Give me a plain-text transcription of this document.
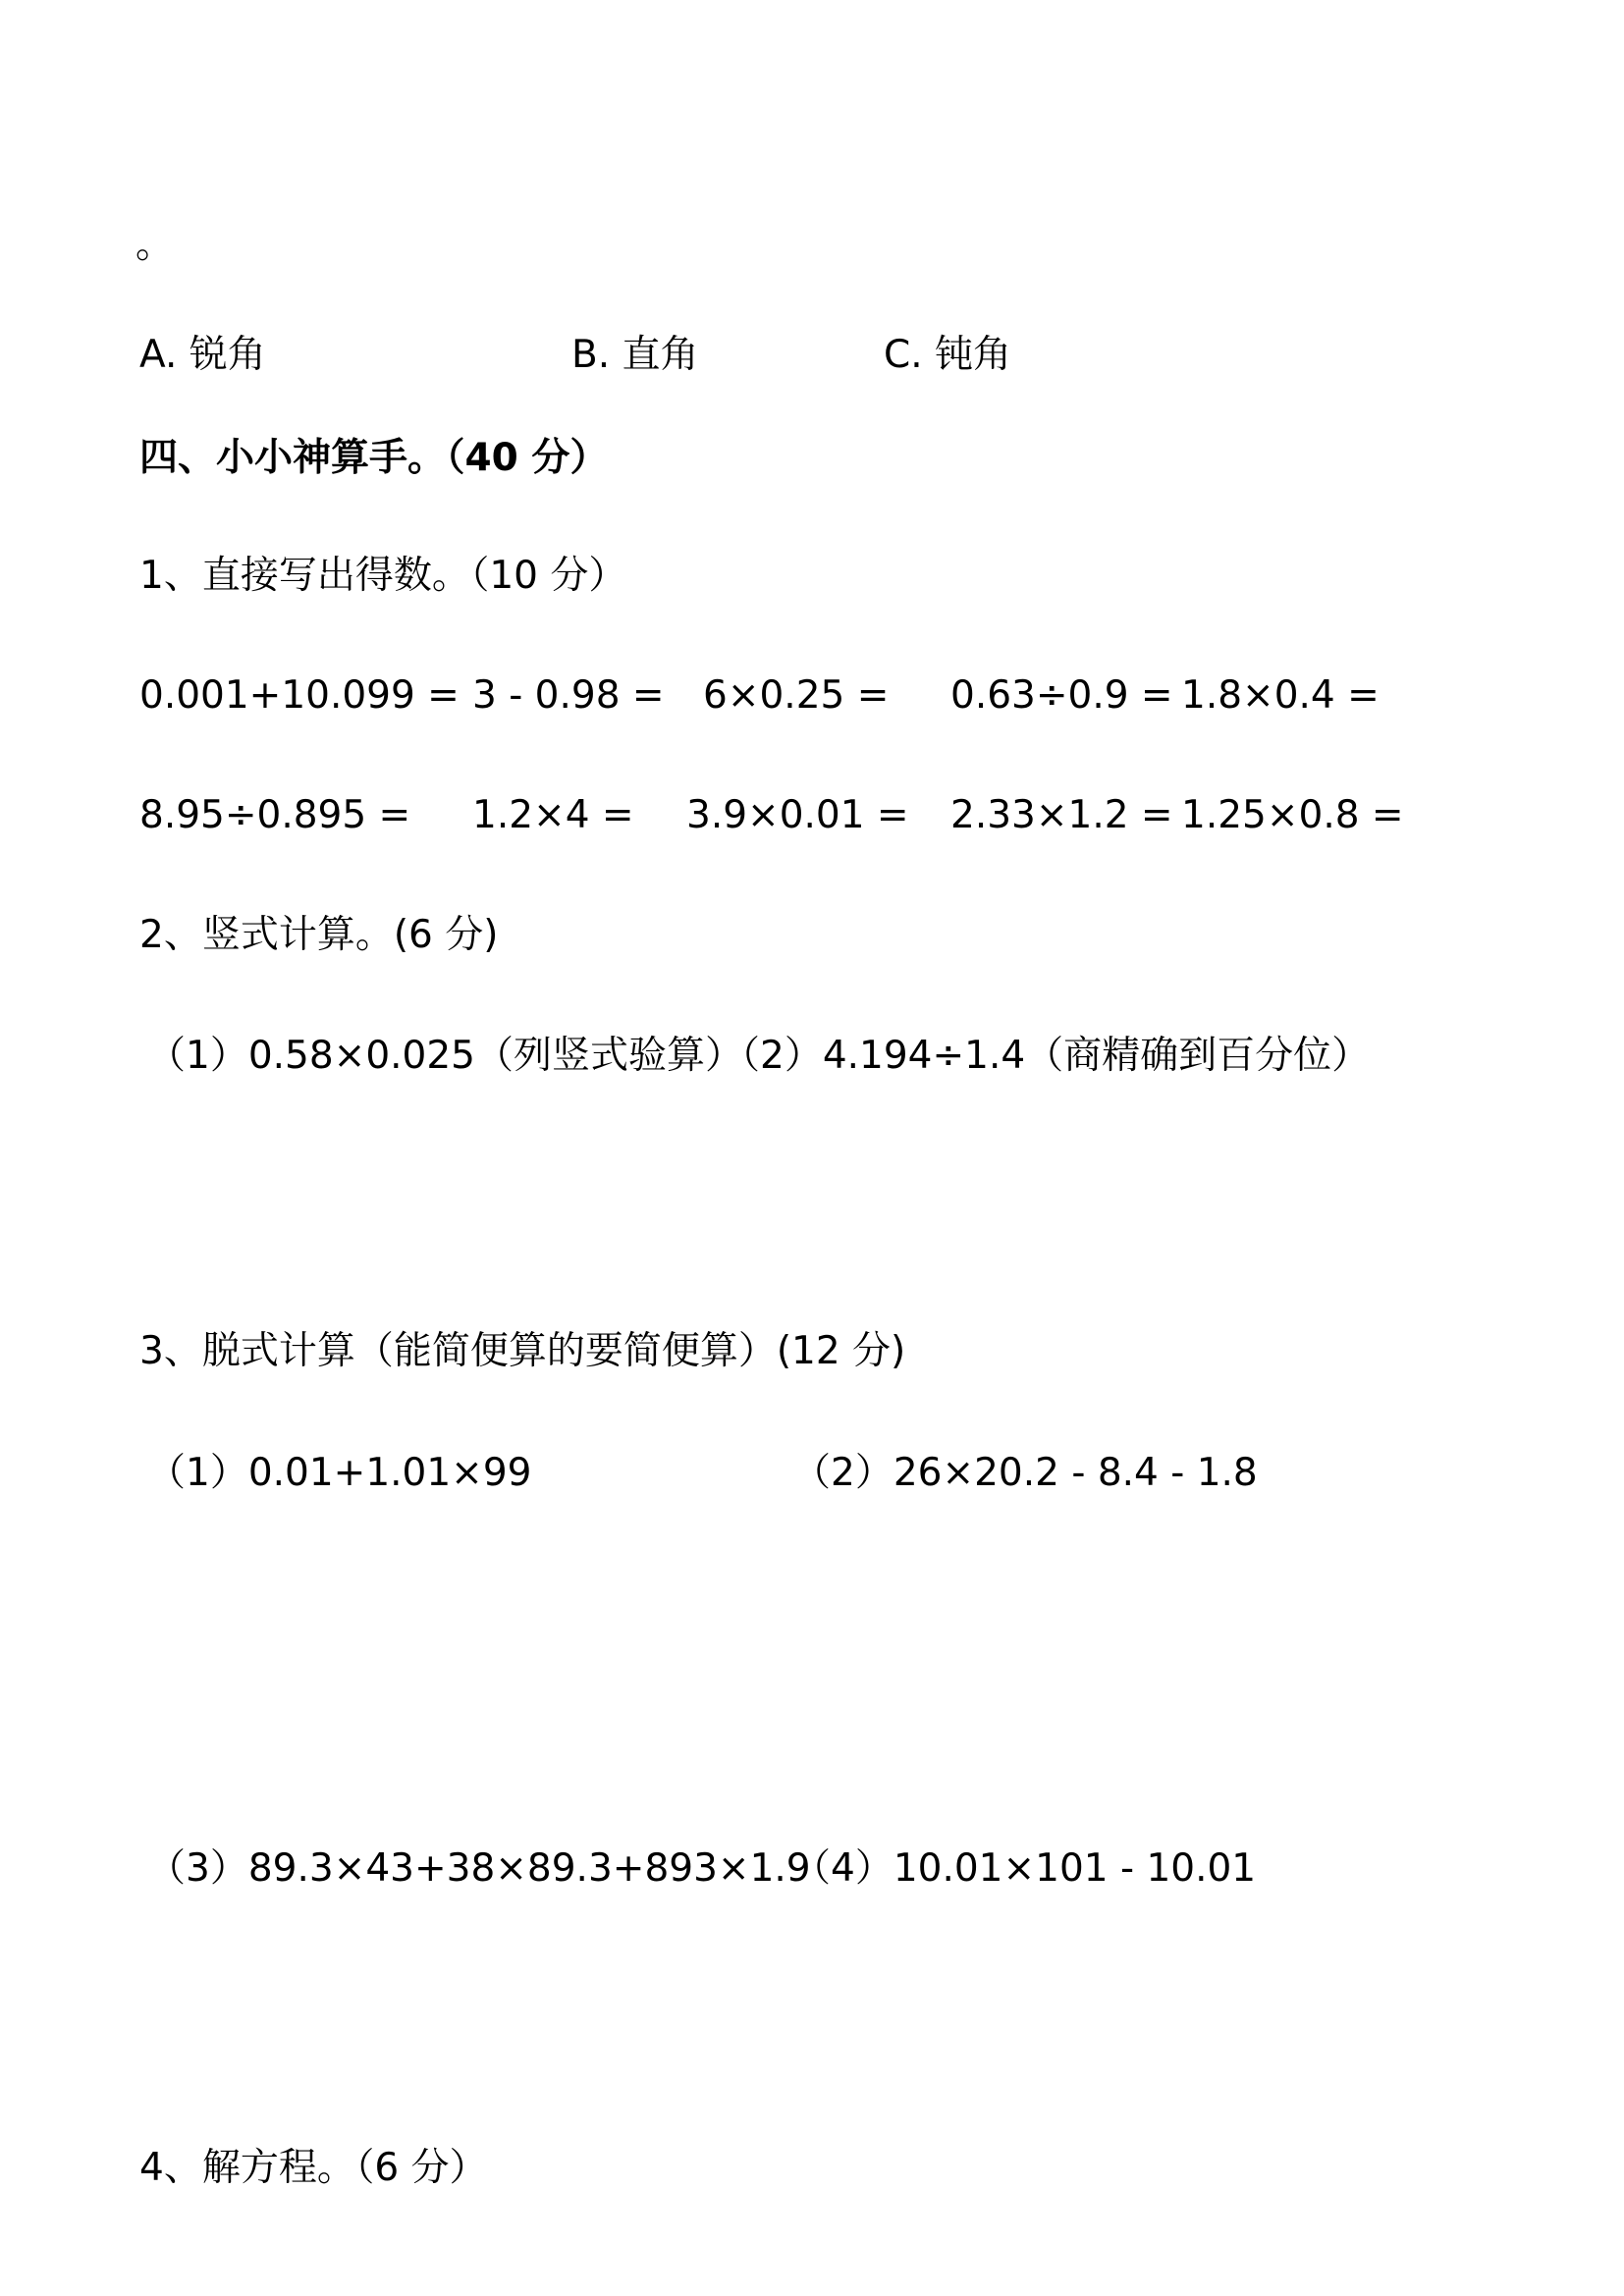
。
A. 锐角	B. 直角	C. 钝角
四、小小神算手。（40 分）
1、直接写出得数。（10 分）
0.001+10.099 = 3 - 0.98 = 6×0.25 = 0.63÷0.9 = 1.8×0.4 =
8.95÷0.895 = 1.2×4 = 3.9×0.01 = 2.33×1.2 = 1.25×0.8 =
2、竖式计算。(6 分)
（1）0.58×0.025（列竖式验算）
（2）4.194÷1.4（商精确到百分位）
3、脱式计算（能简便算的要简便算）(12 分)
（1）0.01+1.01×99	（2）26×20.2 - 8.4 - 1.8
（3）89.3×43+38×89.3+893×1.9
（4）10.01×101 - 10.01
4、解方程。（6 分）
